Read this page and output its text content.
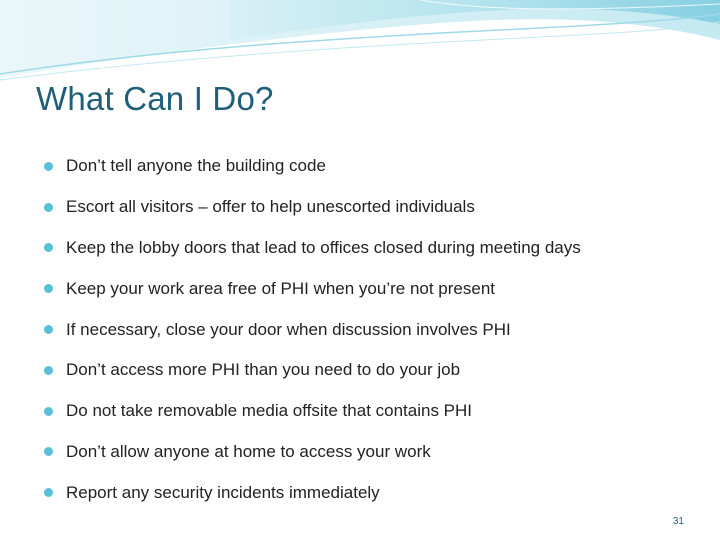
What Can I Do?
Don’t tell anyone the building code
Escort all visitors – offer to help unescorted individuals
Keep the lobby doors that lead to offices closed during meeting days
Keep your work area free of PHI when you’re not present
If necessary, close your door when discussion involves PHI
Don’t access more PHI than you need to do your job
Do not take removable media offsite that contains PHI
Don’t allow anyone at home to access your work
Report any security incidents immediately
31
